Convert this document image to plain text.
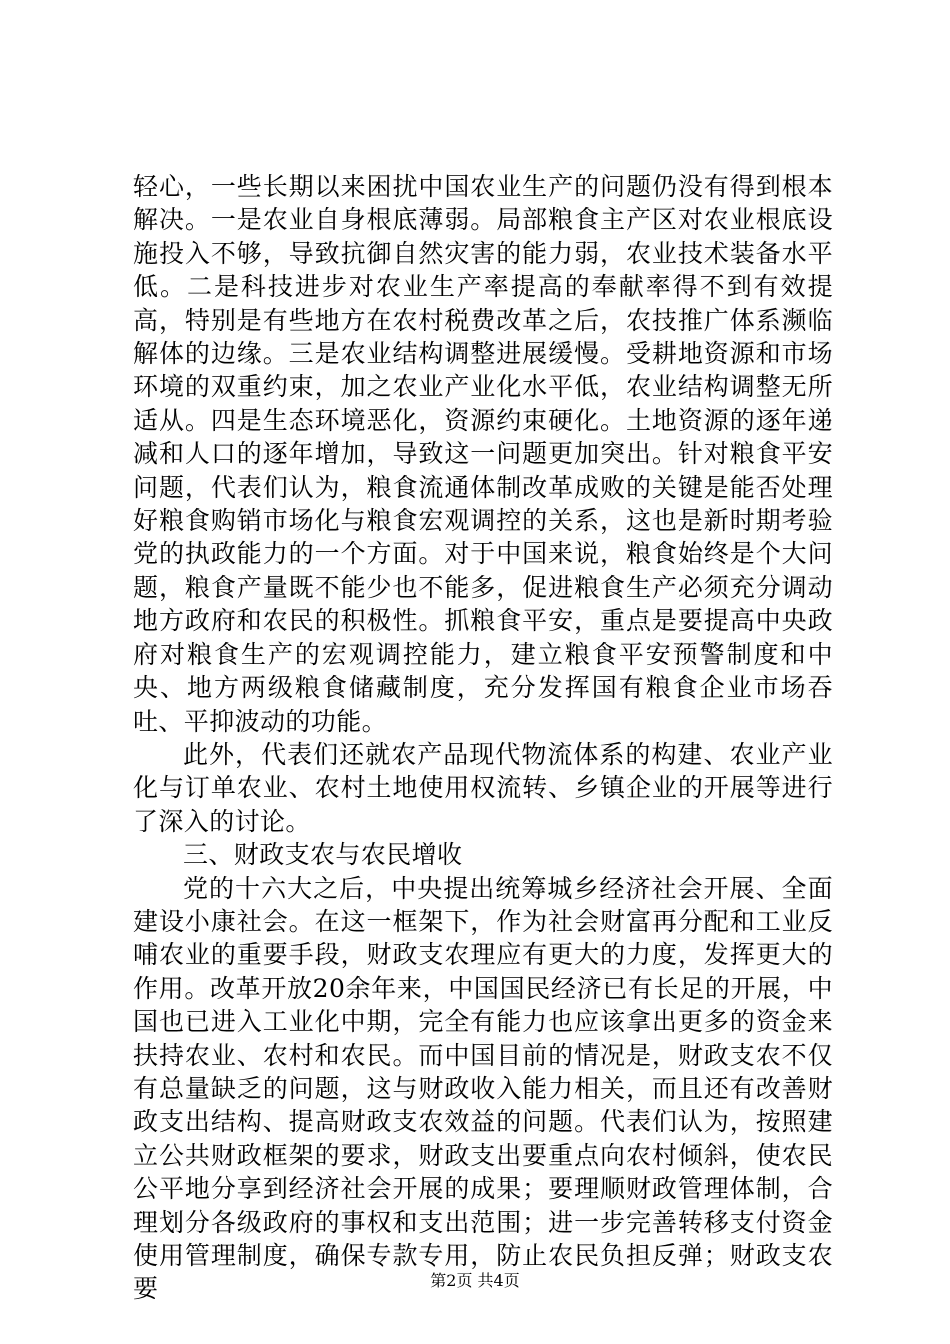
轻心，一些长期以来困扰中国农业生产的问题仍没有得到根本解决。一是农业自身根底薄弱。局部粮食主产区对农业根底设施投入不够，导致抗御自然灾害的能力弱，农业技术装备水平低。二是科技进步对农业生产率提高的奉献率得不到有效提高，特别是有些地方在农村税费改革之后，农技推广体系濒临解体的边缘。三是农业结构调整进展缓慢。受耕地资源和市场环境的双重约束，加之农业产业化水平低，农业结构调整无所适从。四是生态环境恶化，资源约束硬化。土地资源的逐年递减和人口的逐年增加，导致这一问题更加突出。针对粮食平安问题，代表们认为，粮食流通体制改革成败的关键是能否处理好粮食购销市场化与粮食宏观调控的关系，这也是新时期考验党的执政能力的一个方面。对于中国来说，粮食始终是个大问题，粮食产量既不能少也不能多，促进粮食生产必须充分调动地方政府和农民的积极性。抓粮食平安，重点是要提高中央政府对粮食生产的宏观调控能力，建立粮食平安预警制度和中央、地方两级粮食储藏制度，充分发挥国有粮食企业市场吞吐、平抑波动的功能。

此外，代表们还就农产品现代物流体系的构建、农业产业化与订单农业、农村土地使用权流转、乡镇企业的开展等进行了深入的讨论。

三、财政支农与农民增收

党的十六大之后，中央提出统筹城乡经济社会开展、全面建设小康社会。在这一框架下，作为社会财富再分配和工业反哺农业的重要手段，财政支农理应有更大的力度，发挥更大的作用。改革开放20余年来，中国国民经济已有长足的开展，中国也已进入工业化中期，完全有能力也应该拿出更多的资金来扶持农业、农村和农民。而中国目前的情况是，财政支农不仅有总量缺乏的问题，这与财政收入能力相关，而且还有改善财政支出结构、提高财政支农效益的问题。代表们认为，按照建立公共财政框架的要求，财政支出要重点向农村倾斜，使农民公平地分享到经济社会开展的成果；要理顺财政管理体制，合理划分各级政府的事权和支出范围；进一步完善转移支付资金使用管理制度，确保专款专用，防止农民负担反弹；财政支农要	第2页 共4页
